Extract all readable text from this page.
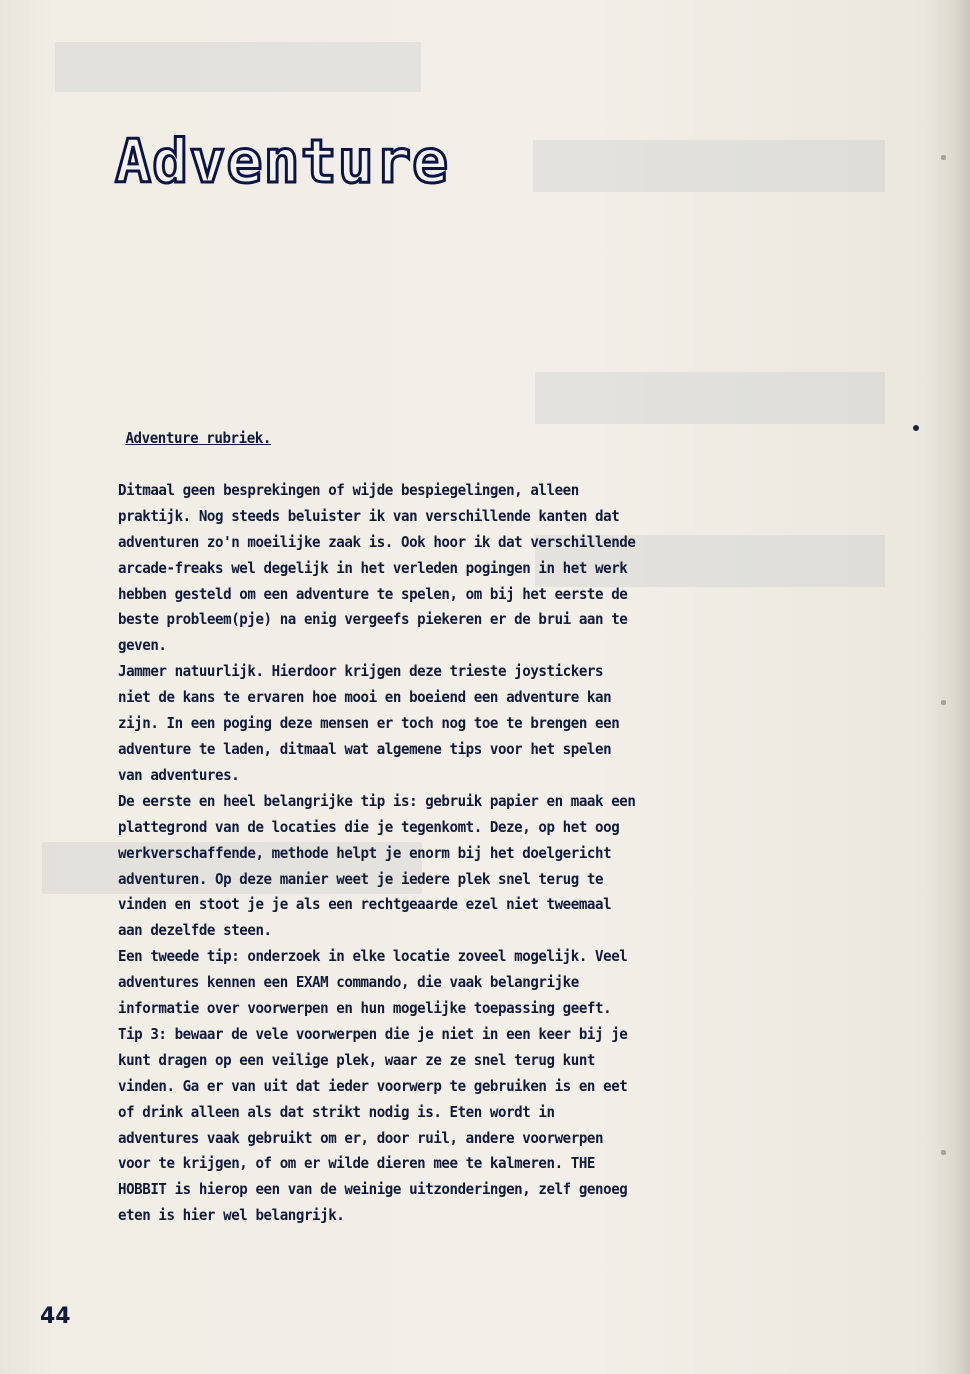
Adventure
Adventure rubriek.
Ditmaal geen besprekingen of wijde bespiegelingen, alleen
praktijk. Nog steeds beluister ik van verschillende kanten dat
adventuren zo'n moeilijke zaak is. Ook hoor ik dat verschillende
arcade-freaks wel degelijk in het verleden pogingen in het werk
hebben gesteld om een adventure te spelen, om bij het eerste de
beste probleem(pje) na enig vergeefs piekeren er de brui aan te
geven.
Jammer natuurlijk. Hierdoor krijgen deze trieste joystickers
niet de kans te ervaren hoe mooi en boeiend een adventure kan
zijn. In een poging deze mensen er toch nog toe te brengen een
adventure te laden, ditmaal wat algemene tips voor het spelen
van adventures.
De eerste en heel belangrijke tip is: gebruik papier en maak een
plattegrond van de locaties die je tegenkomt. Deze, op het oog
werkverschaffende, methode helpt je enorm bij het doelgericht
adventuren. Op deze manier weet je iedere plek snel terug te
vinden en stoot je je als een rechtgeaarde ezel niet tweemaal
aan dezelfde steen.
Een tweede tip: onderzoek in elke locatie zoveel mogelijk. Veel
adventures kennen een EXAM commando, die vaak belangrijke
informatie over voorwerpen en hun mogelijke toepassing geeft.
Tip 3: bewaar de vele voorwerpen die je niet in een keer bij je
kunt dragen op een veilige plek, waar ze ze snel terug kunt
vinden. Ga er van uit dat ieder voorwerp te gebruiken is en eet
of drink alleen als dat strikt nodig is. Eten wordt in
adventures vaak gebruikt om er, door ruil, andere voorwerpen
voor te krijgen, of om er wilde dieren mee te kalmeren. THE
HOBBIT is hierop een van de weinige uitzonderingen, zelf genoeg
eten is hier wel belangrijk.
44
